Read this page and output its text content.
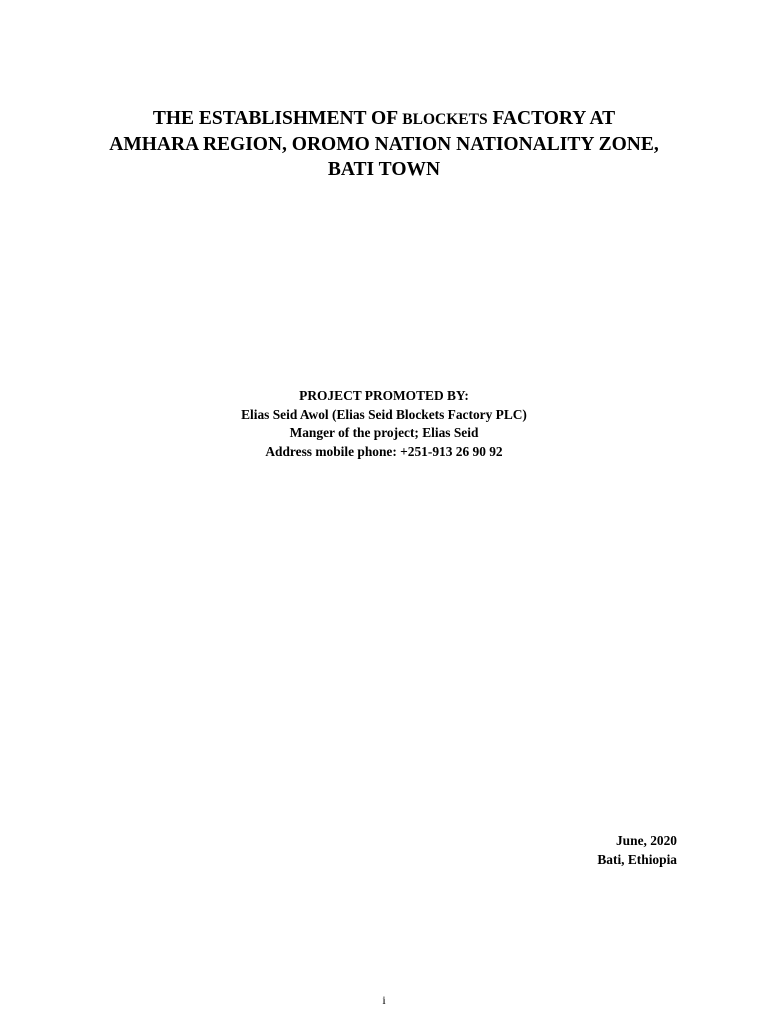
THE ESTABLISHMENT OF BLOCKETS FACTORY AT
AMHARA REGION, OROMO NATION NATIONALITY ZONE,
BATI TOWN
PROJECT PROMOTED BY:
Elias Seid Awol (Elias Seid Blockets Factory PLC)
Manger of the project; Elias Seid
Address mobile phone: +251-913 26 90 92
June, 2020
Bati, Ethiopia
i
